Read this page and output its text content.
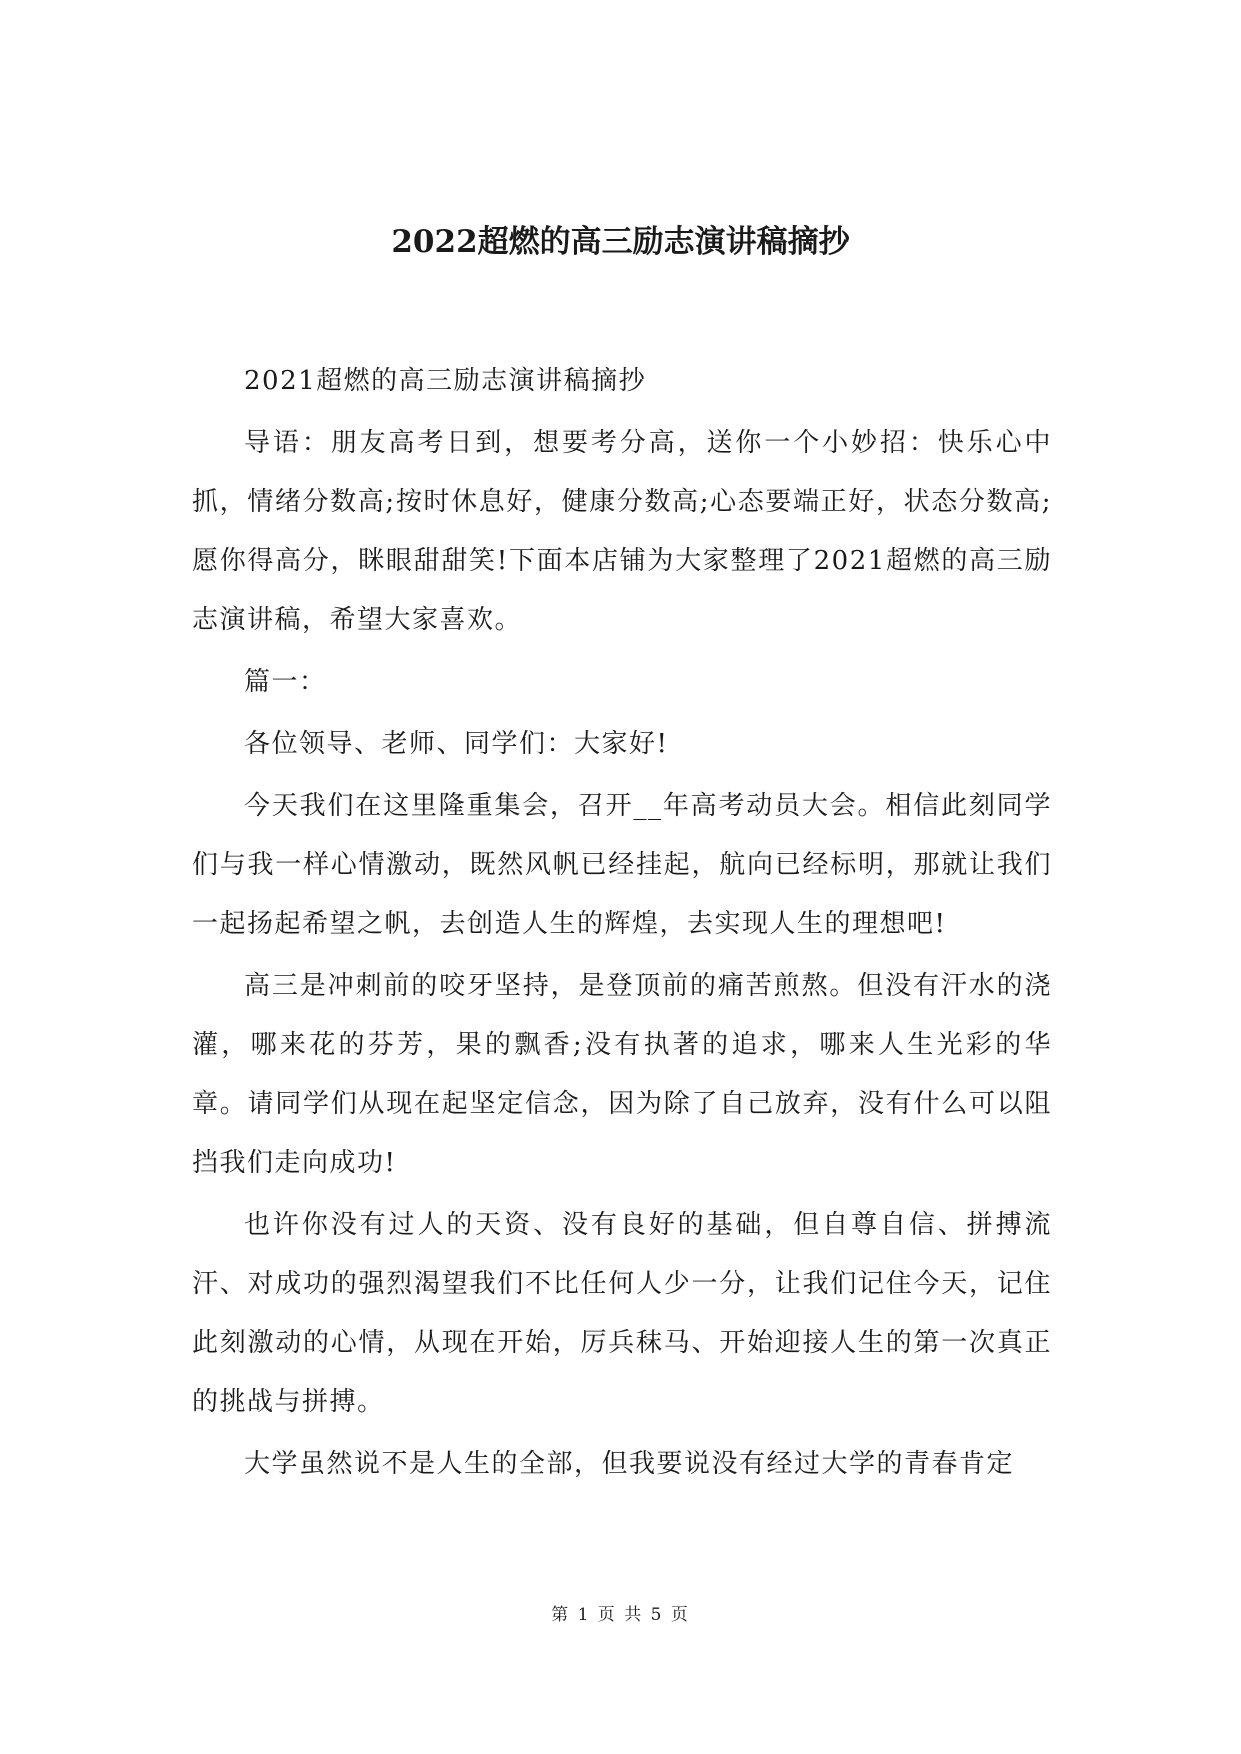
2022超燃的高三励志演讲稿摘抄

2021超燃的高三励志演讲稿摘抄

导语：朋友高考日到，想要考分高，送你一个小妙招：快乐心中抓，情绪分数高;按时休息好，健康分数高;心态要端正好，状态分数高;愿你得高分，眯眼甜甜笑!下面本店铺为大家整理了2021超燃的高三励志演讲稿，希望大家喜欢。

篇一：

各位领导、老师、同学们：大家好!

今天我们在这里隆重集会，召开__年高考动员大会。相信此刻同学们与我一样心情激动，既然风帆已经挂起，航向已经标明，那就让我们一起扬起希望之帆，去创造人生的辉煌，去实现人生的理想吧!

高三是冲刺前的咬牙坚持，是登顶前的痛苦煎熬。但没有汗水的浇灌，哪来花的芬芳，果的飘香;没有执著的追求，哪来人生光彩的华章。请同学们从现在起坚定信念，因为除了自己放弃，没有什么可以阻挡我们走向成功!

也许你没有过人的天资、没有良好的基础，但自尊自信、拼搏流汗、对成功的强烈渴望我们不比任何人少一分，让我们记住今天，记住此刻激动的心情，从现在开始，厉兵秣马、开始迎接人生的第一次真正的挑战与拼搏。

大学虽然说不是人生的全部，但我要说没有经过大学的青春肯定

第 1 页 共 5 页
